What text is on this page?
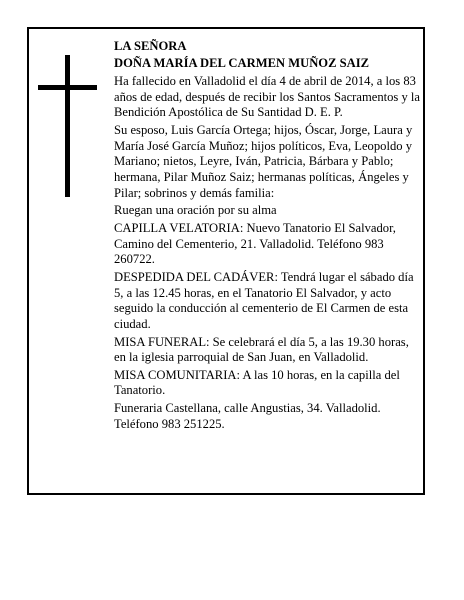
LA SEÑORA

DOÑA MARÍA DEL CARMEN MUÑOZ SAIZ

Ha fallecido en Valladolid el día 4 de abril de 2014, a los 83 años de edad, después de recibir los Santos Sacramentos y la Bendición Apostólica de Su Santidad D. E. P.

Su esposo, Luis García Ortega; hijos, Óscar, Jorge, Laura y María José García Muñoz; hijos políticos, Eva, Leopoldo y Mariano; nietos, Leyre, Iván, Patricia, Bárbara y Pablo; hermana, Pilar Muñoz Saiz; hermanas políticas, Ángeles y Pilar; sobrinos y demás familia:

Ruegan una oración por su alma

CAPILLA VELATORIA: Nuevo Tanatorio El Salvador, Camino del Cementerio, 21. Valladolid. Teléfono 983 260722.

DESPEDIDA DEL CADÁVER: Tendrá lugar el sábado día 5, a las 12.45 horas, en el Tanatorio El Salvador, y acto seguido la conducción al cementerio de El Carmen de esta ciudad.

MISA FUNERAL: Se celebrará el día 5, a las 19.30 horas, en la iglesia parroquial de San Juan, en Valladolid.

MISA COMUNITARIA: A las 10 horas, en la capilla del Tanatorio.

Funeraria Castellana, calle Angustias, 34. Valladolid. Teléfono 983 251225.
